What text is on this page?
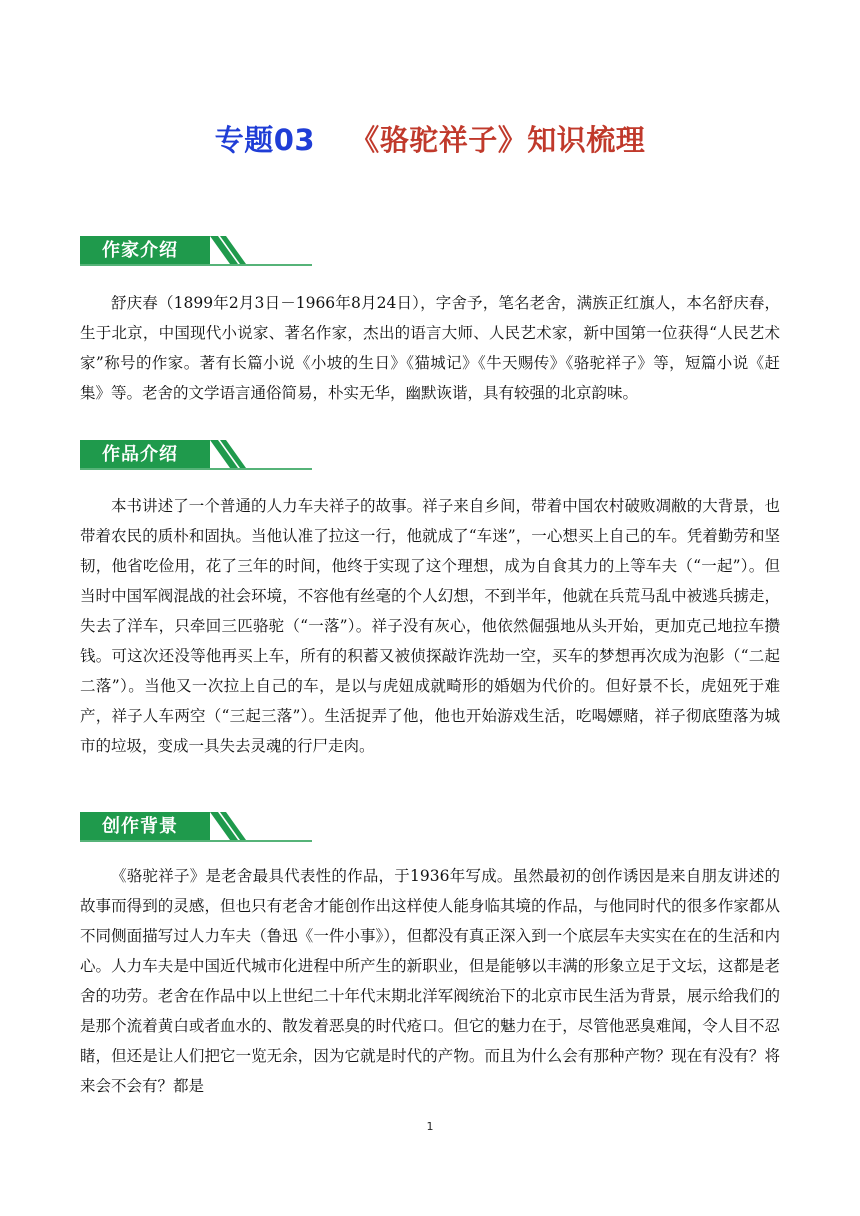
专题03 《骆驼祥子》知识梳理
作家介绍

舒庆春（1899年2月3日－1966年8月24日），字舍予，笔名老舍，满族正红旗人，本名舒庆春，生于北京，中国现代小说家、著名作家，杰出的语言大师、人民艺术家，新中国第一位获得“人民艺术家”称号的作家。著有长篇小说《小坡的生日》《猫城记》《牛天赐传》《骆驼祥子》等，短篇小说《赶集》等。老舍的文学语言通俗简易，朴实无华，幽默诙谐，具有较强的北京韵味。

作品介绍

本书讲述了一个普通的人力车夫祥子的故事。祥子来自乡间，带着中国农村破败凋敝的大背景，也带着农民的质朴和固执。当他认准了拉这一行，他就成了“车迷”，一心想买上自己的车。凭着勤劳和坚韧，他省吃俭用，花了三年的时间，他终于实现了这个理想，成为自食其力的上等车夫（“一起”）。但当时中国军阀混战的社会环境，不容他有丝毫的个人幻想，不到半年，他就在兵荒马乱中被逃兵掳走，失去了洋车，只牵回三匹骆驼（“一落”）。祥子没有灰心，他依然倔强地从头开始，更加克己地拉车攒钱。可这次还没等他再买上车，所有的积蓄又被侦探敲诈洗劫一空，买车的梦想再次成为泡影（“二起二落”）。当他又一次拉上自己的车，是以与虎妞成就畸形的婚姻为代价的。但好景不长，虎妞死于难产，祥子人车两空（“三起三落”）。生活捉弄了他，他也开始游戏生活，吃喝嫖赌，祥子彻底堕落为城市的垃圾，变成一具失去灵魂的行尸走肉。

创作背景

《骆驼祥子》是老舍最具代表性的作品，于1936年写成。虽然最初的创作诱因是来自朋友讲述的故事而得到的灵感，但也只有老舍才能创作出这样使人能身临其境的作品，与他同时代的很多作家都从不同侧面描写过人力车夫（鲁迅《一件小事》），但都没有真正深入到一个底层车夫实实在在的生活和内心。人力车夫是中国近代城市化进程中所产生的新职业，但是能够以丰满的形象立足于文坛，这都是老舍的功劳。老舍在作品中以上世纪二十年代末期北洋军阀统治下的北京市民生活为背景，展示给我们的是那个流着黄白或者血水的、散发着恶臭的时代疮口。但它的魅力在于，尽管他恶臭难闻，令人目不忍睹，但还是让人们把它一览无余，因为它就是时代的产物。而且为什么会有那种产物？现在有没有？将来会不会有？都是

1
